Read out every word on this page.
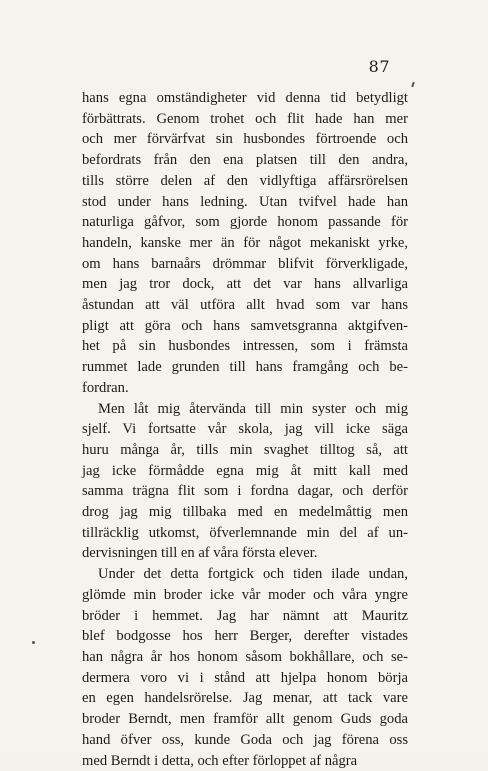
87
hans egna omständigheter vid denna tid betydligt
förbättrats. Genom trohet och flit hade han mer
och mer förvärfvat sin husbondes förtroende och
befordrats från den ena platsen till den andra,
tills större delen af den vidlyftiga affärsrörelsen
stod under hans ledning. Utan tvifvel hade han
naturliga gåfvor, som gjorde honom passande för
handeln, kanske mer än för något mekaniskt yrke,
om hans barnaårs drömmar blifvit förverkligade,
men jag tror dock, att det var hans allvarliga
åstundan att väl utföra allt hvad som var hans
pligt att göra och hans samvetsgranna aktgifven-
het på sin husbondes intressen, som i främsta
rummet lade grunden till hans framgång och be-
fordran.
Men låt mig återvända till min syster och mig
sjelf. Vi fortsatte vår skola, jag vill icke säga
huru många år, tills min svaghet tilltog så, att
jag icke förmådde egna mig åt mitt kall med
samma trägna flit som i fordna dagar, och derför
drog jag mig tillbaka med en medelmåttig men
tillräcklig utkomst, öfverlemnande min del af un-
dervisningen till en af våra första elever.
Under det detta fortgick och tiden ilade undan,
glömde min broder icke vår moder och våra yngre
bröder i hemmet. Jag har nämnt att Mauritz
blef bodgosse hos herr Berger, derefter vistades
han några år hos honom såsom bokhållare, och se-
dermera voro vi i stånd att hjelpa honom börja
en egen handelsrörelse. Jag menar, att tack vare
broder Berndt, men framför allt genom Guds goda
hand öfver oss, kunde Goda och jag förena oss
med Berndt i detta, och efter förloppet af några
